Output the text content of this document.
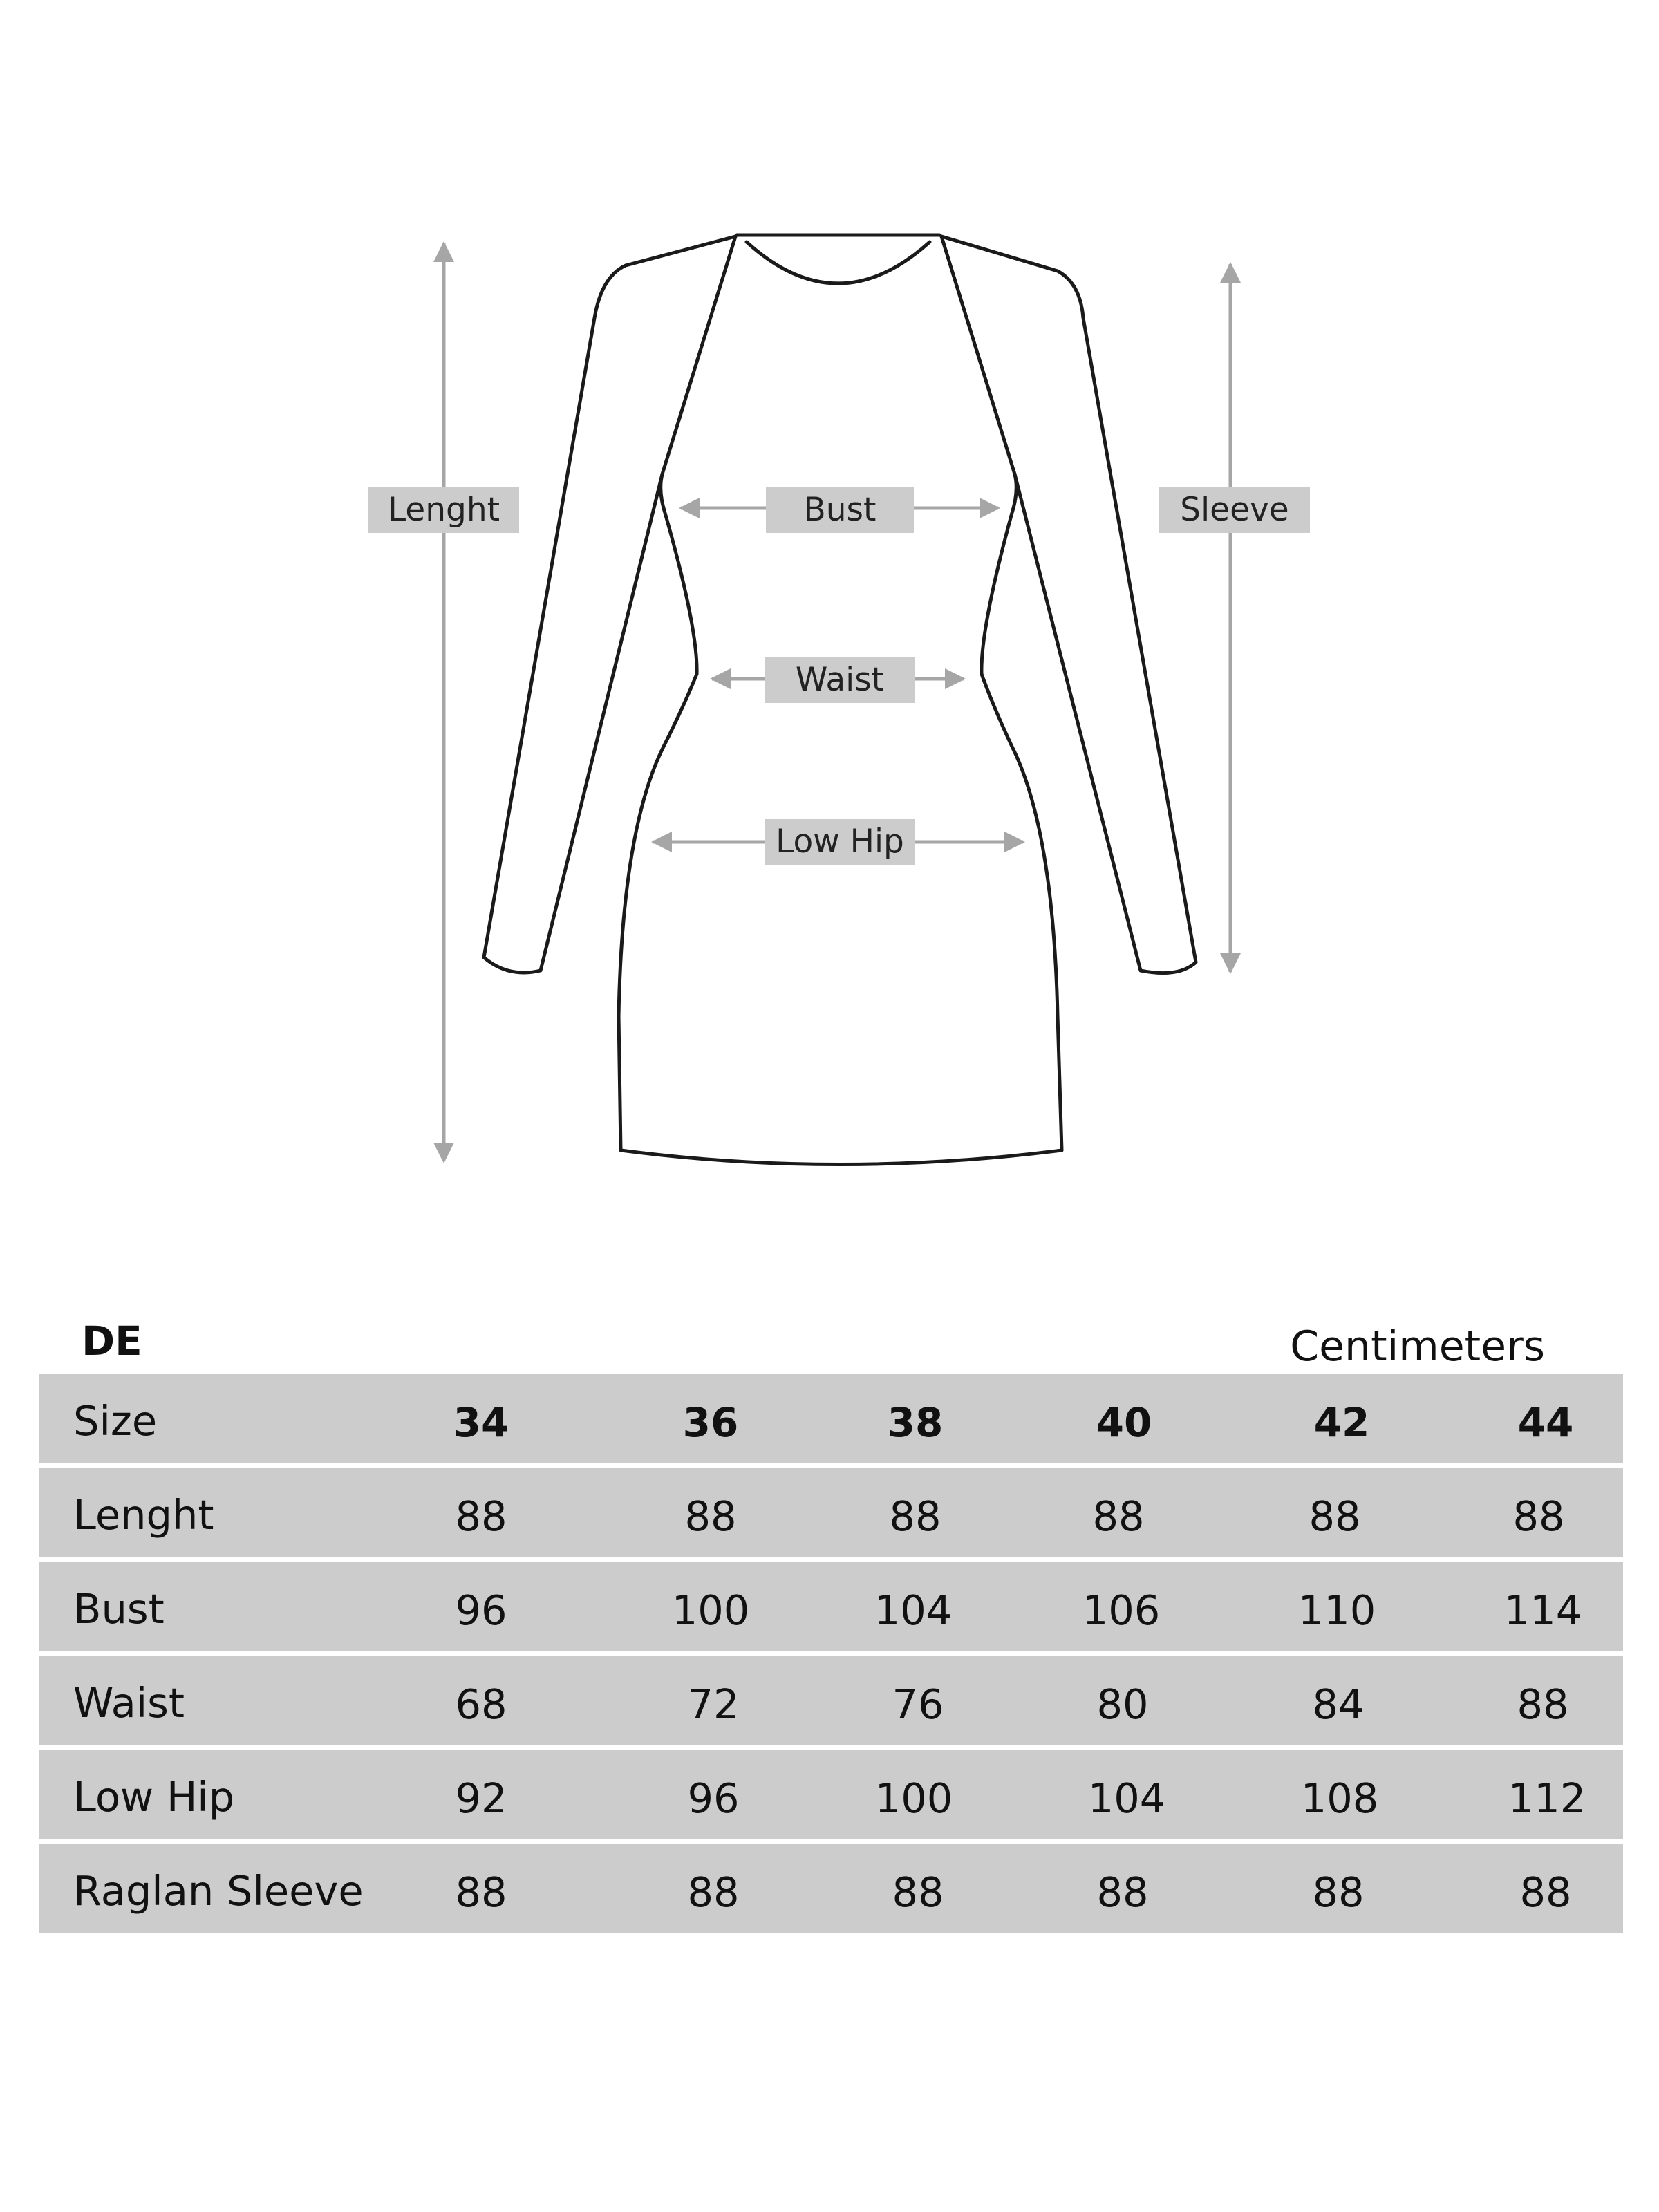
Lenght	Sleeve
Bust
Waist
Low Hip
DE	Centimeters
Size	34	36	38	40	42	44
Lenght	88	88	88	88	88	88
Bust	96	100	104	106	110	114
Waist	68	72	76	80	84	88
Low Hip	92	96	100	104	108	112
Raglan Sleeve 88	88	88	88	88	88
